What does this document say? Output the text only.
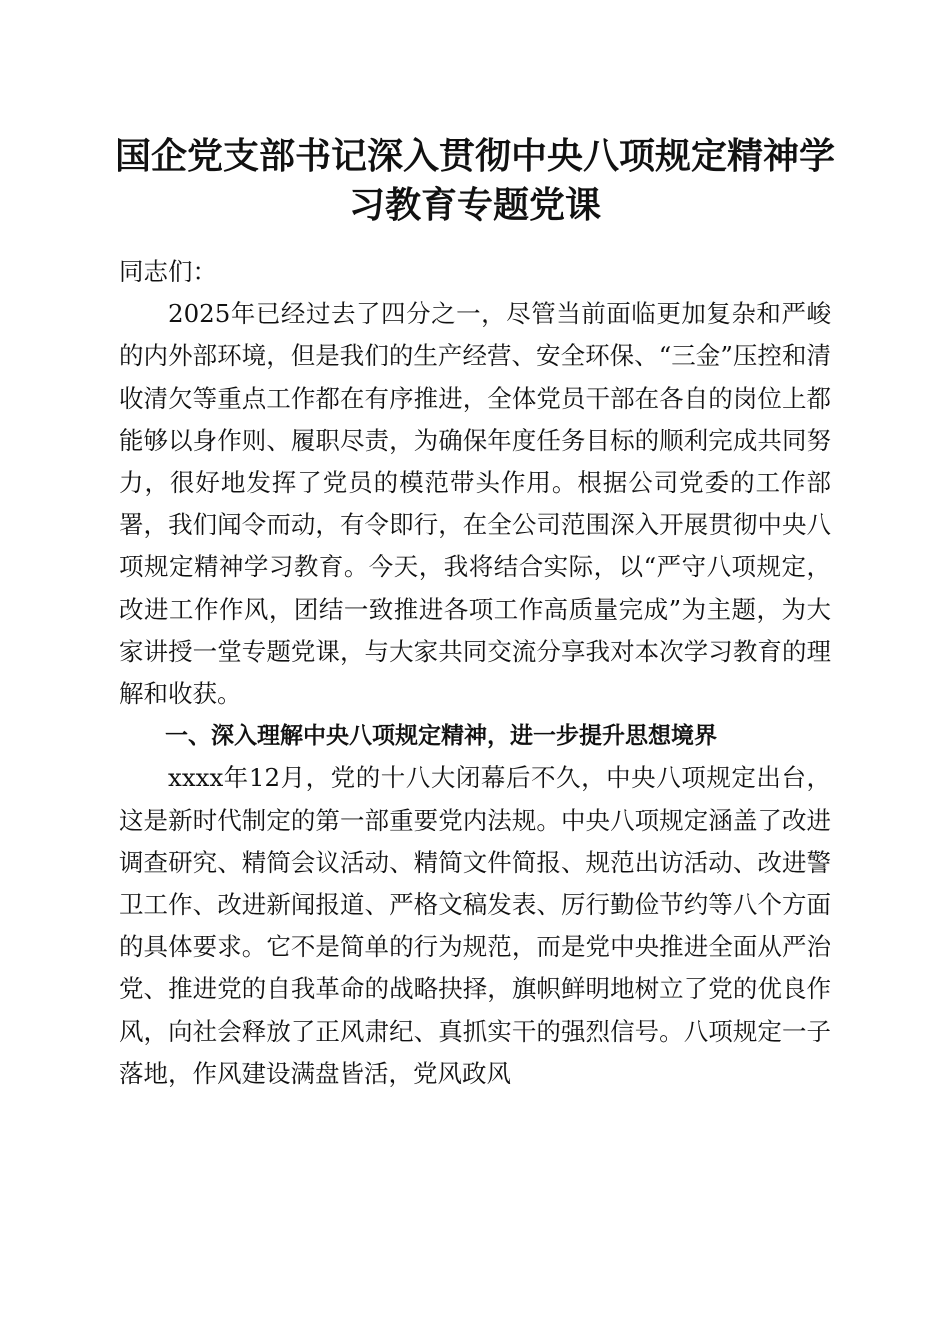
国企党支部书记深入贯彻中央八项规定精神学习教育专题党课

同志们：

2025年已经过去了四分之一，尽管当前面临更加复杂和严峻的内外部环境，但是我们的生产经营、安全环保、“三金”压控和清收清欠等重点工作都在有序推进，全体党员干部在各自的岗位上都能够以身作则、履职尽责，为确保年度任务目标的顺利完成共同努力，很好地发挥了党员的模范带头作用。根据公司党委的工作部署，我们闻令而动，有令即行，在全公司范围深入开展贯彻中央八项规定精神学习教育。今天，我将结合实际，以“严守八项规定，改进工作作风，团结一致推进各项工作高质量完成”为主题，为大家讲授一堂专题党课，与大家共同交流分享我对本次学习教育的理解和收获。

一、深入理解中央八项规定精神，进一步提升思想境界

xxxx年12月，党的十八大闭幕后不久，中央八项规定出台，这是新时代制定的第一部重要党内法规。中央八项规定涵盖了改进调查研究、精简会议活动、精简文件简报、规范出访活动、改进警卫工作、改进新闻报道、严格文稿发表、厉行勤俭节约等八个方面的具体要求。它不是简单的行为规范，而是党中央推进全面从严治党、推进党的自我革命的战略抉择，旗帜鲜明地树立了党的优良作风，向社会释放了正风肃纪、真抓实干的强烈信号。八项规定一子落地，作风建设满盘皆活，党风政风
